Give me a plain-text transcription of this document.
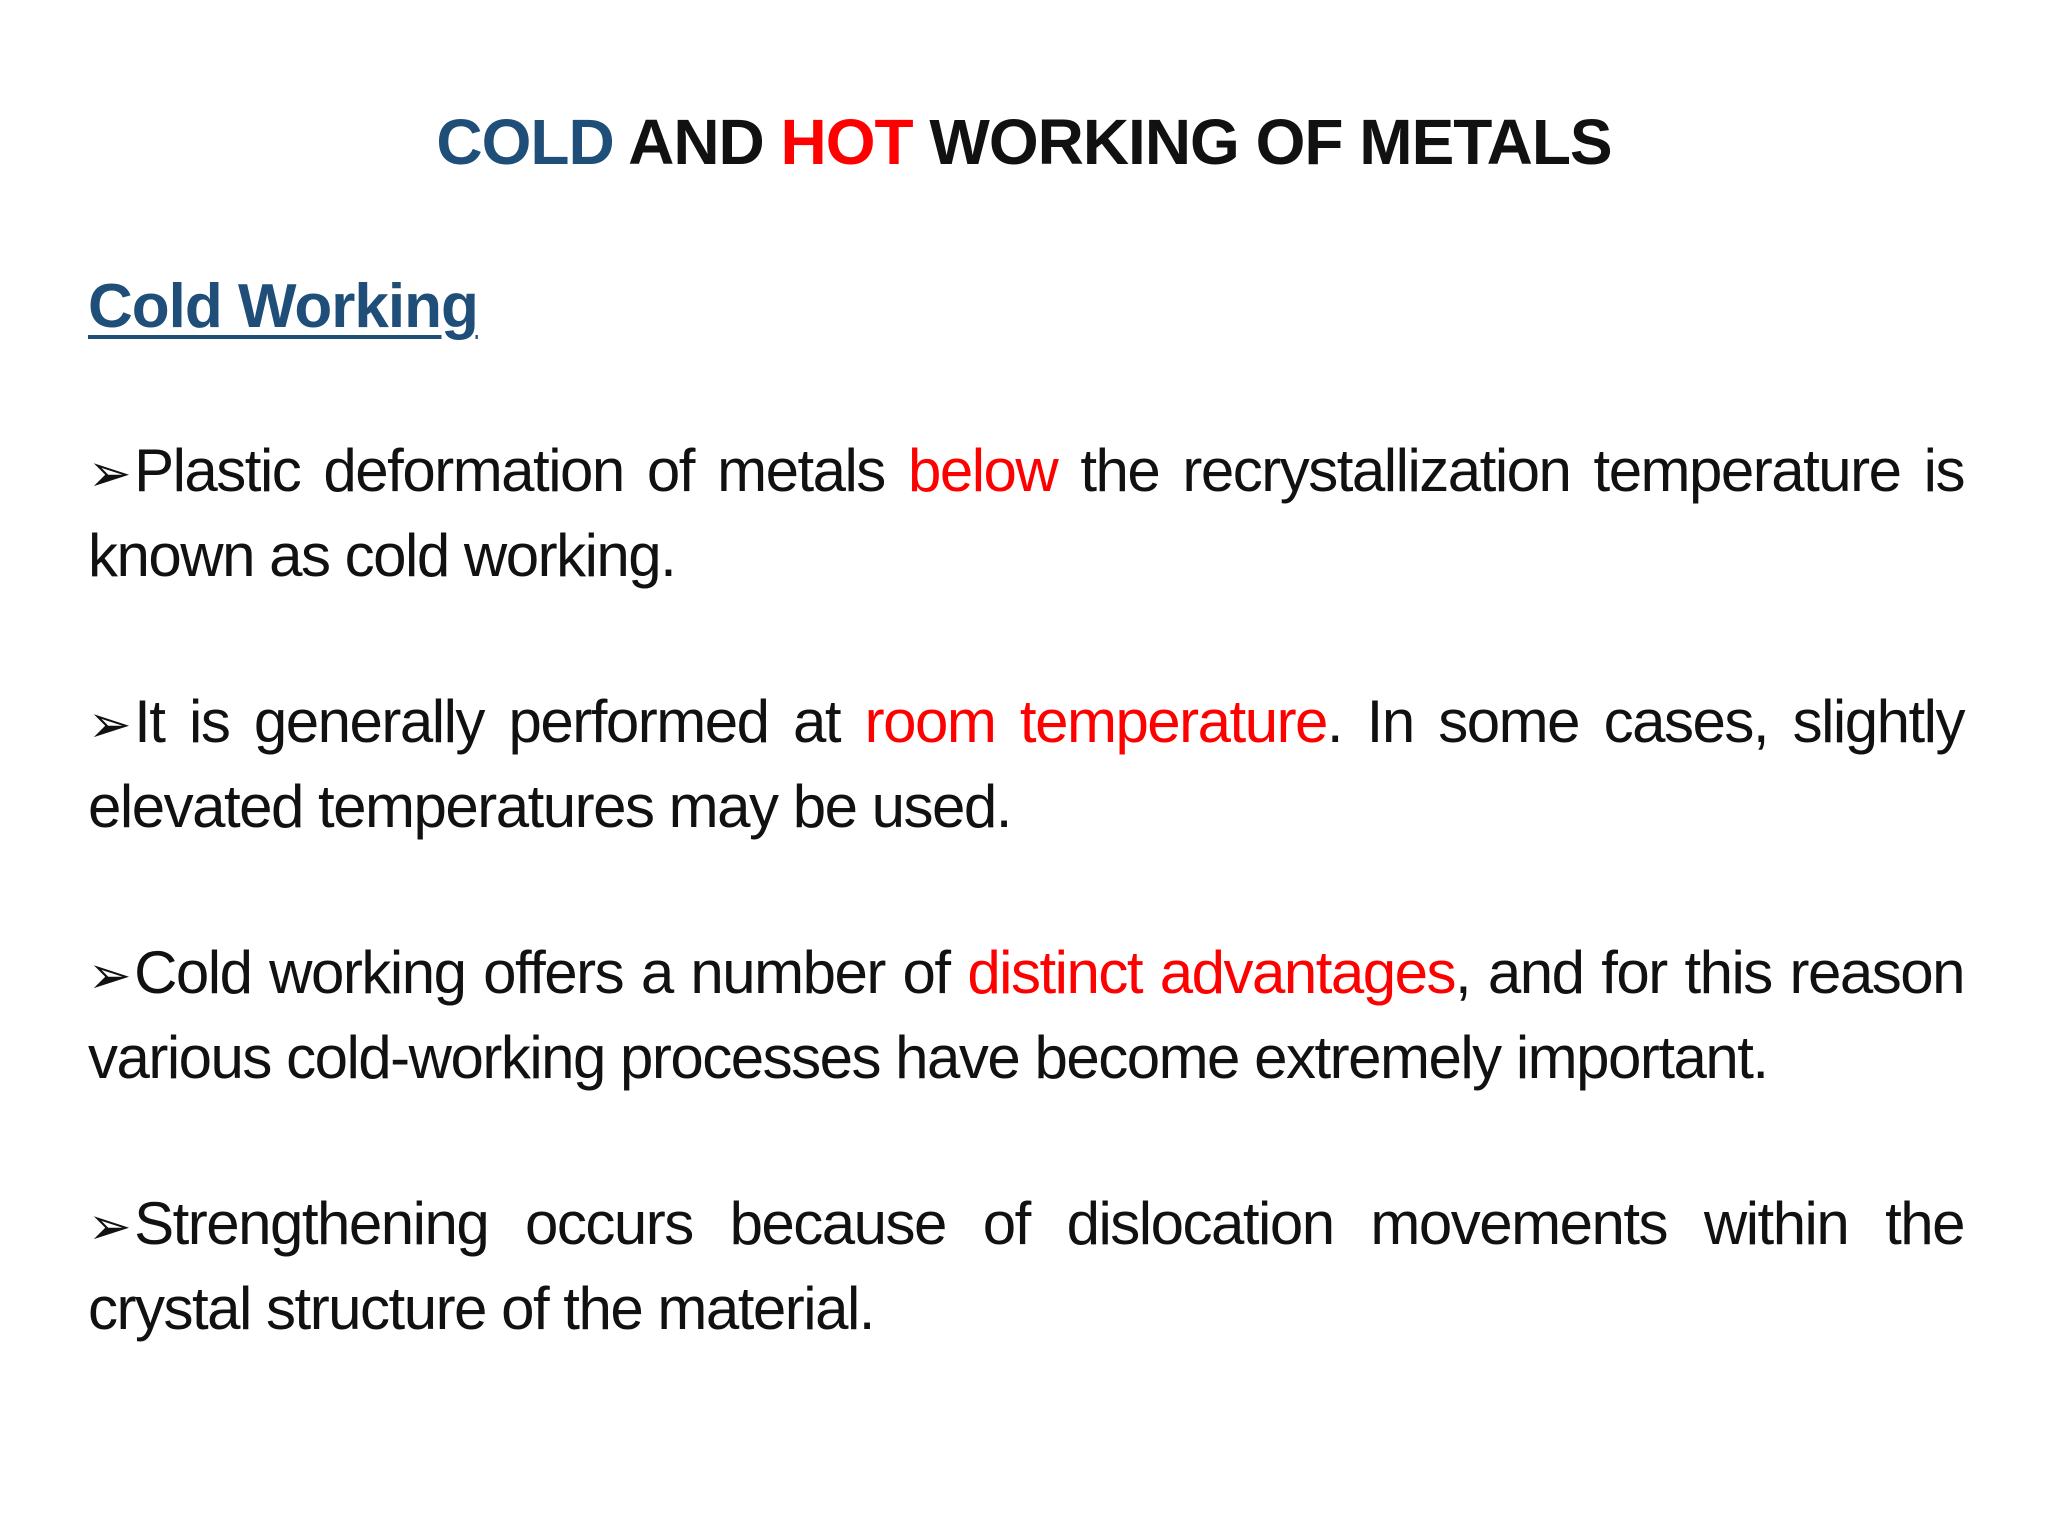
COLD AND HOT WORKING OF METALS
Cold Working
➢Plastic deformation of metals below the recrystallization temperature is known as cold working.
➢It is generally performed at room temperature. In some cases, slightly elevated temperatures may be used.
➢Cold working offers a number of distinct advantages, and for this reason various cold-working processes have become extremely important.
➢Strengthening occurs because of dislocation movements within the crystal structure of the material.
